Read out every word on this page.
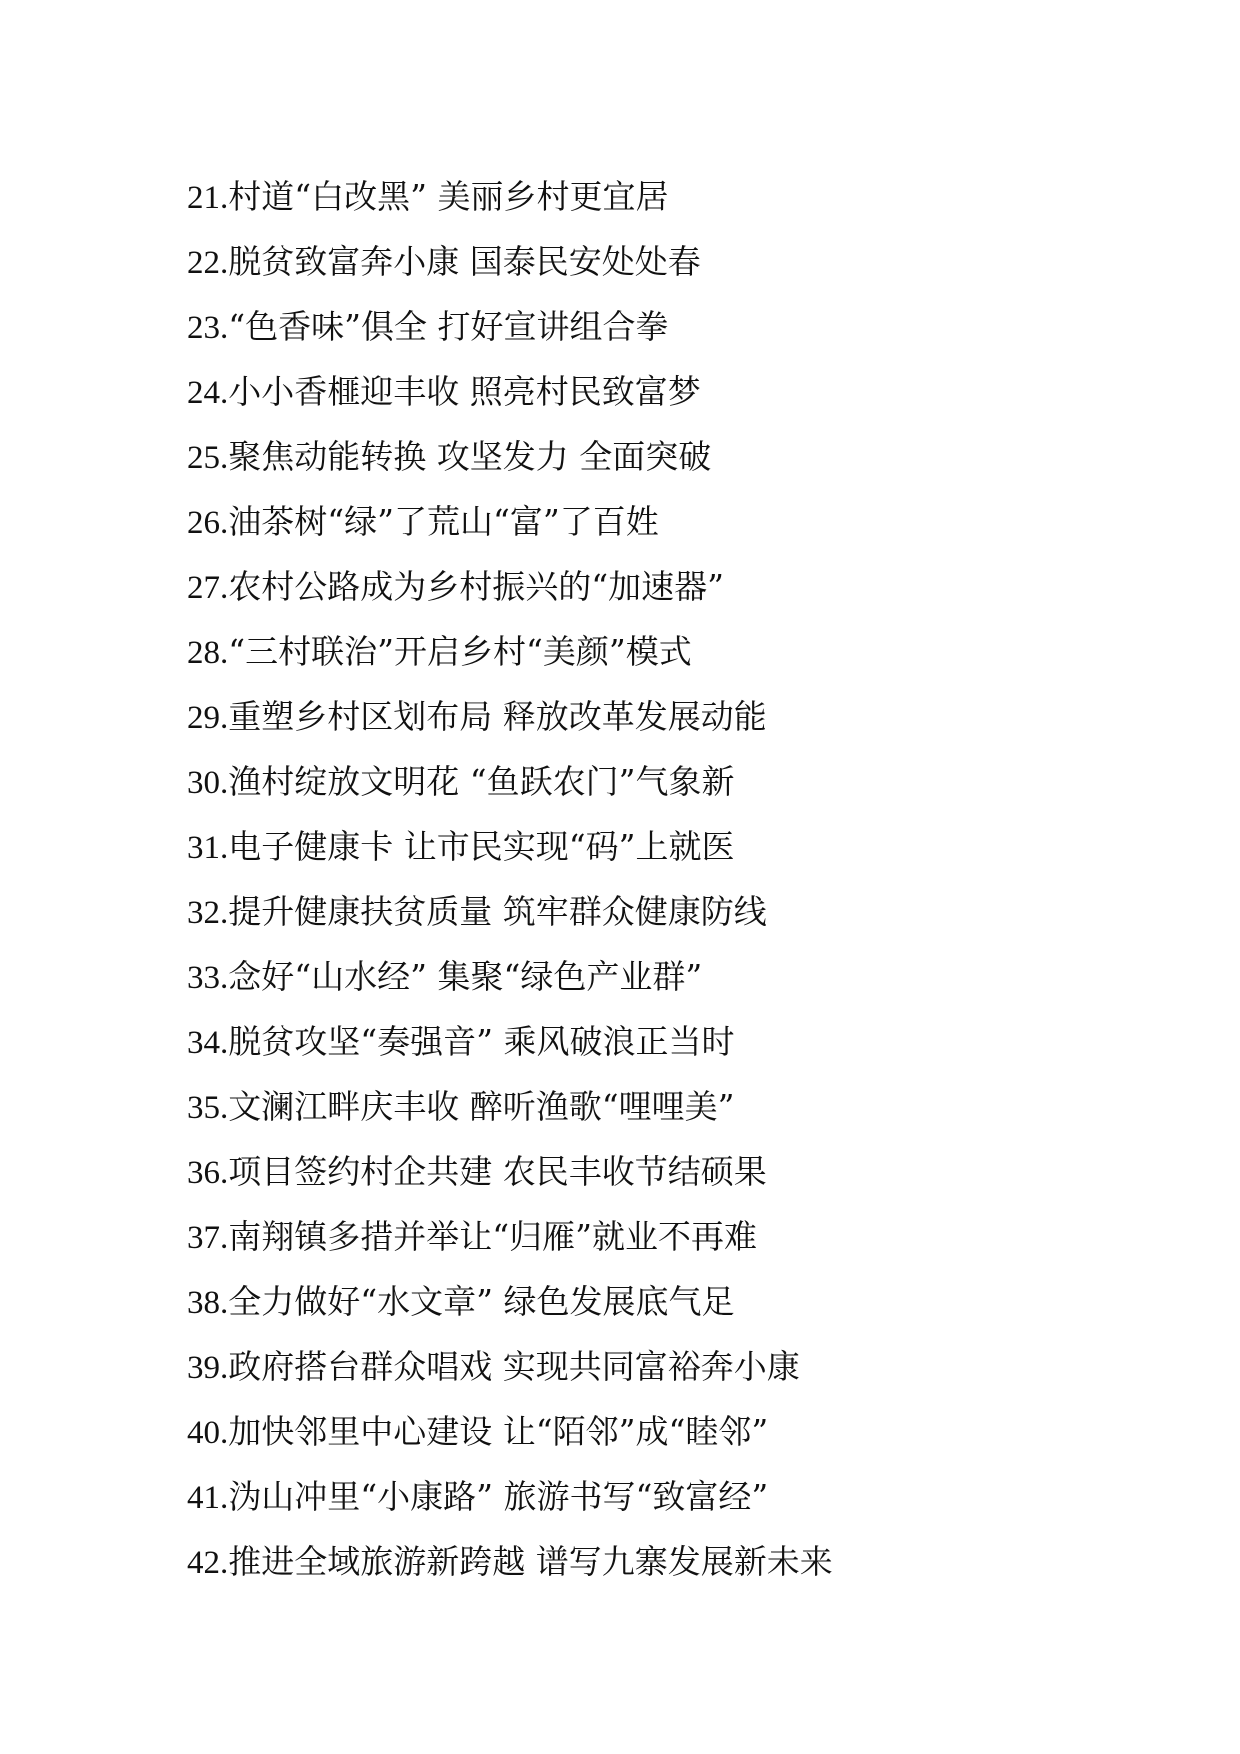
21.村道“白改黑” 美丽乡村更宜居
22.脱贫致富奔小康 国泰民安处处春
23.“色香味”俱全 打好宣讲组合拳
24.小小香榧迎丰收 照亮村民致富梦
25.聚焦动能转换 攻坚发力 全面突破
26.油茶树“绿”了荒山“富”了百姓
27.农村公路成为乡村振兴的“加速器”
28.“三村联治”开启乡村“美颜”模式
29.重塑乡村区划布局 释放改革发展动能
30.渔村绽放文明花 “鱼跃农门”气象新
31.电子健康卡 让市民实现“码”上就医
32.提升健康扶贫质量 筑牢群众健康防线
33.念好“山水经” 集聚“绿色产业群”
34.脱贫攻坚“奏强音” 乘风破浪正当时
35.文澜江畔庆丰收 醉听渔歌“哩哩美”
36.项目签约村企共建 农民丰收节结硕果
37.南翔镇多措并举让“归雁”就业不再难
38.全力做好“水文章” 绿色发展底气足
39.政府搭台群众唱戏 实现共同富裕奔小康
40.加快邻里中心建设 让“陌邻”成“睦邻”
41.沩山冲里“小康路” 旅游书写“致富经”
42.推进全域旅游新跨越 谱写九寨发展新未来
